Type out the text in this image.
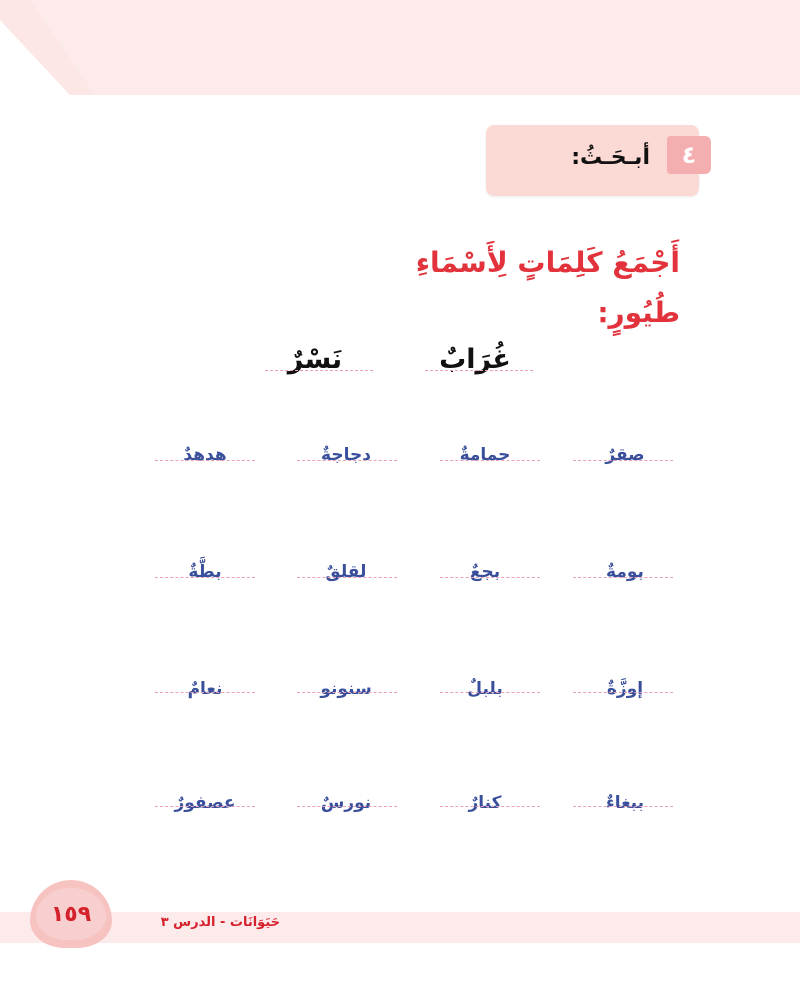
٤
أبـحَـثُ:
أَجْمَعُ كَلِمَاتٍ لِأَسْمَاءِ طُيُورٍ:
غُرَابٌ
نَسْرٌ
صقرٌ
حمامةٌ
دجاجةٌ
هدهدٌ
بومةٌ
بجعٌ
لقلقٌ
بطَّةٌ
إوزَّةٌ
بلبلٌ
سنونو
نعامٌ
ببغاءٌ
كنارٌ
نورسٌ
عصفورٌ
١٥٩	حَيَوَانَات - الدرس ٣
